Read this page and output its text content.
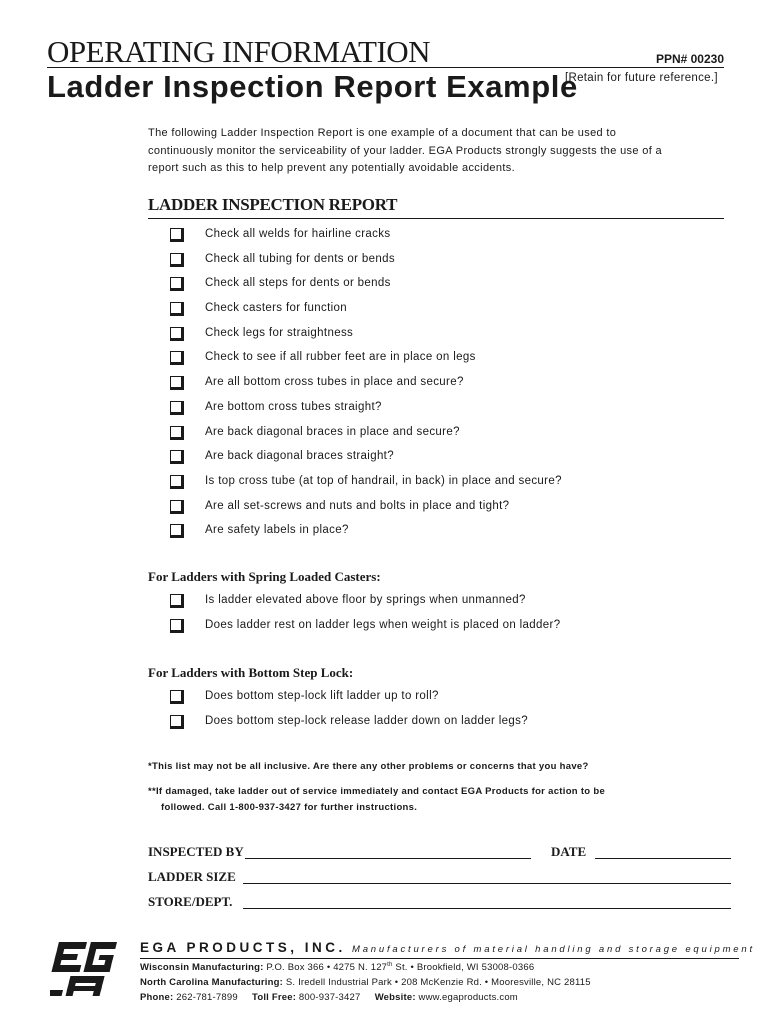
OPERATING INFORMATION	PPN# 00230
Ladder Inspection Report Example
[Retain for future reference.]
The following Ladder Inspection Report is one example of a document that can be used to continuously monitor the serviceability of your ladder. EGA Products strongly suggests the use of a report such as this to help prevent any potentially avoidable accidents.
LADDER INSPECTION REPORT
Check all welds for hairline cracks
Check all tubing for dents or bends
Check all steps for dents or bends
Check casters for function
Check legs for straightness
Check to see if all rubber feet are in place on legs
Are all bottom cross tubes in place and secure?
Are bottom cross tubes straight?
Are back diagonal braces in place and secure?
Are back diagonal braces straight?
Is top cross tube (at top of handrail, in back) in place and secure?
Are all set-screws and nuts and bolts in place and tight?
Are safety labels in place?
For Ladders with Spring Loaded Casters:
Is ladder elevated above floor by springs when unmanned?
Does ladder rest on ladder legs when weight is placed on ladder?
For Ladders with Bottom Step Lock:
Does bottom step-lock lift ladder up to roll?
Does bottom step-lock release ladder down on ladder legs?
*This list may not be all inclusive. Are there any other problems or concerns that you have?
**If damaged, take ladder out of service immediately and contact EGA Products for action to be
followed. Call 1-800-937-3427 for further instructions.
INSPECTED BY	DATE
LADDER SIZE
STORE/DEPT.
EGA PRODUCTS, INC. Manufacturers of material handling and storage equipment
Wisconsin Manufacturing: P.O. Box 366 • 4275 N. 127th St. • Brookfield, WI 53008-0366
North Carolina Manufacturing: S. Iredell Industrial Park • 208 McKenzie Rd. • Mooresville, NC 28115
Phone: 262-781-7899 Toll Free: 800-937-3427 Website: www.egaproducts.com
